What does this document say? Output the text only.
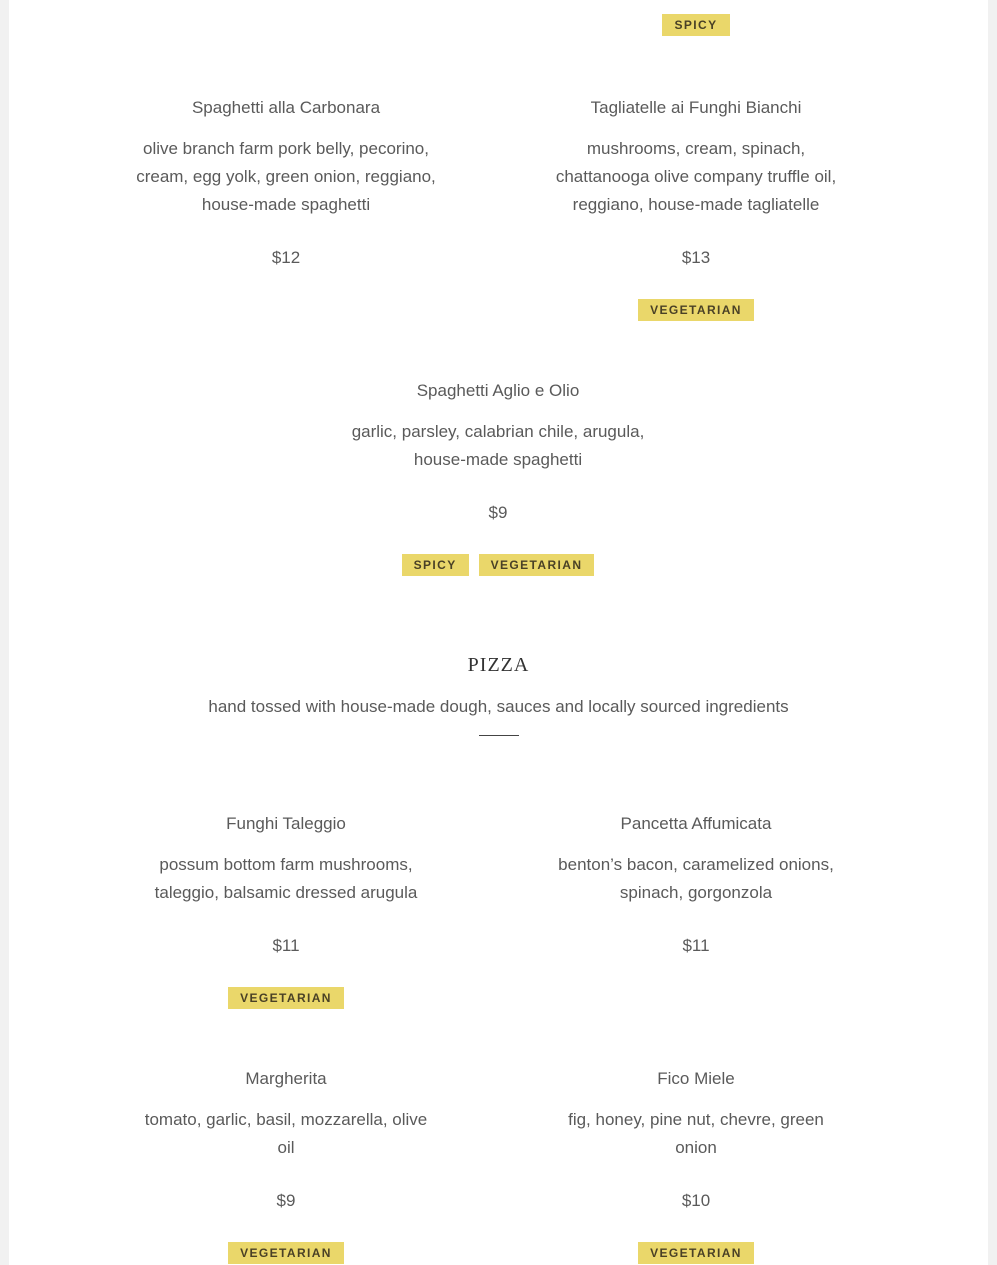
SPICY
Spaghetti alla Carbonara

olive branch farm pork belly, pecorino, cream, egg yolk, green onion, reggiano, house-made spaghetti

$12
Tagliatelle ai Funghi Bianchi

mushrooms, cream, spinach, chattanooga olive company truffle oil, reggiano, house-made tagliatelle

$13
VEGETARIAN
Spaghetti Aglio e Olio

garlic, parsley, calabrian chile, arugula, house-made spaghetti

$9
SPICY	VEGETARIAN
PIZZA
hand tossed with house-made dough, sauces and locally sourced ingredients
Funghi Taleggio

possum bottom farm mushrooms, taleggio, balsamic dressed arugula

$11
VEGETARIAN
Pancetta Affumicata

benton’s bacon, caramelized onions, spinach, gorgonzola

$11
Margherita

tomato, garlic, basil, mozzarella, olive oil

$9
VEGETARIAN
Fico Miele

fig, honey, pine nut, chevre, green onion

$10
VEGETARIAN
